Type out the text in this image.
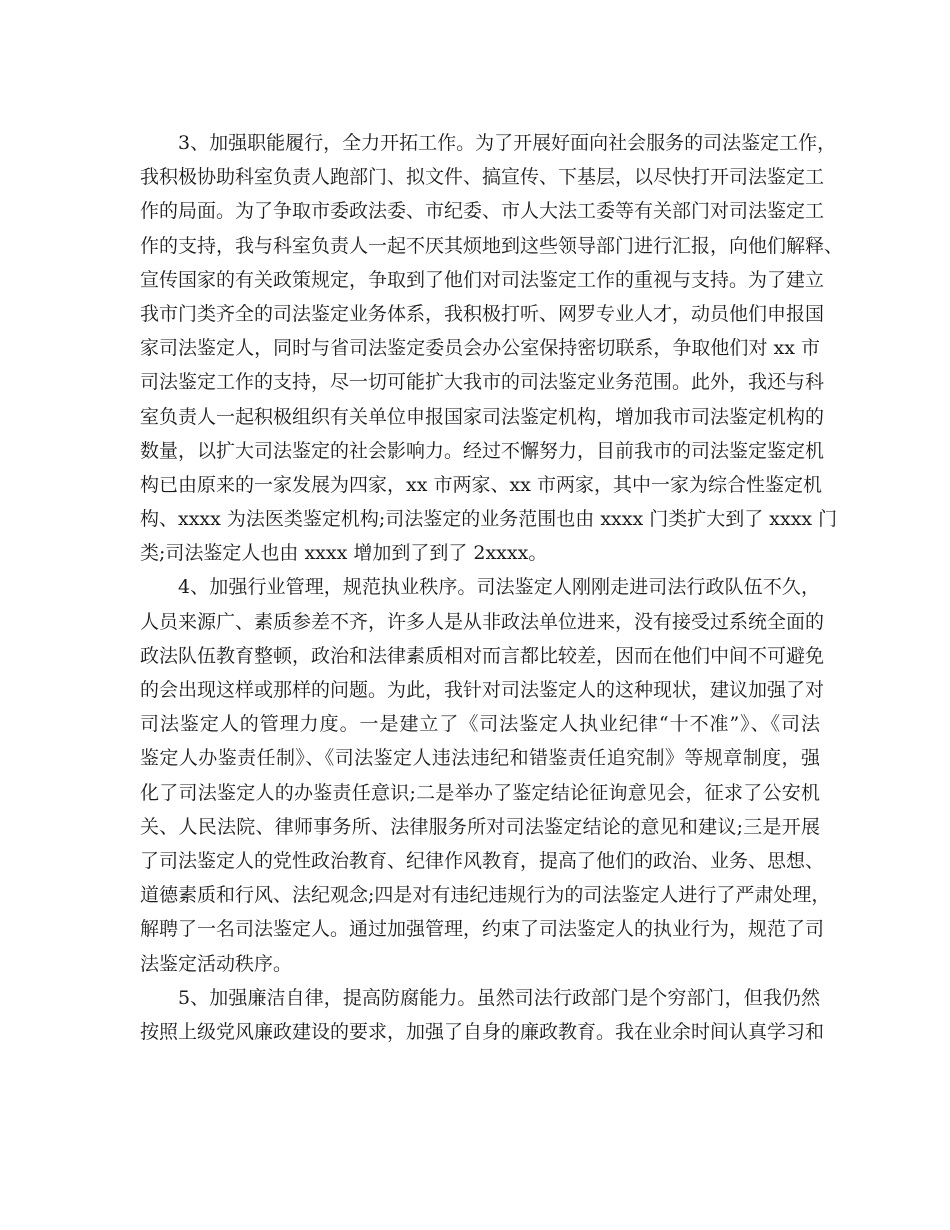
3、加强职能履行，全力开拓工作。为了开展好面向社会服务的司法鉴定工作，
我积极协助科室负责人跑部门、拟文件、搞宣传、下基层，以尽快打开司法鉴定工
作的局面。为了争取市委政法委、市纪委、市人大法工委等有关部门对司法鉴定工
作的支持，我与科室负责人一起不厌其烦地到这些领导部门进行汇报，向他们解释、
宣传国家的有关政策规定，争取到了他们对司法鉴定工作的重视与支持。为了建立
我市门类齐全的司法鉴定业务体系，我积极打听、网罗专业人才，动员他们申报国
家司法鉴定人，同时与省司法鉴定委员会办公室保持密切联系，争取他们对 xx 市
司法鉴定工作的支持，尽一切可能扩大我市的司法鉴定业务范围。此外，我还与科
室负责人一起积极组织有关单位申报国家司法鉴定机构，增加我市司法鉴定机构的
数量，以扩大司法鉴定的社会影响力。经过不懈努力，目前我市的司法鉴定鉴定机
构已由原来的一家发展为四家，xx 市两家、xx 市两家，其中一家为综合性鉴定机
构、xxxx 为法医类鉴定机构;司法鉴定的业务范围也由 xxxx 门类扩大到了 xxxx 门
类;司法鉴定人也由 xxxx 增加到了到了 2xxxx。
4、加强行业管理，规范执业秩序。司法鉴定人刚刚走进司法行政队伍不久，
人员来源广、素质参差不齐，许多人是从非政法单位进来，没有接受过系统全面的
政法队伍教育整顿，政治和法律素质相对而言都比较差，因而在他们中间不可避免
的会出现这样或那样的问题。为此，我针对司法鉴定人的这种现状，建议加强了对
司法鉴定人的管理力度。一是建立了《司法鉴定人执业纪律“十不准”》、《司法
鉴定人办鉴责任制》、《司法鉴定人违法违纪和错鉴责任追究制》等规章制度，强
化了司法鉴定人的办鉴责任意识;二是举办了鉴定结论征询意见会，征求了公安机
关、人民法院、律师事务所、法律服务所对司法鉴定结论的意见和建议;三是开展
了司法鉴定人的党性政治教育、纪律作风教育，提高了他们的政治、业务、思想、
道德素质和行风、法纪观念;四是对有违纪违规行为的司法鉴定人进行了严肃处理，
解聘了一名司法鉴定人。通过加强管理，约束了司法鉴定人的执业行为，规范了司
法鉴定活动秩序。
5、加强廉洁自律，提高防腐能力。虽然司法行政部门是个穷部门，但我仍然
按照上级党风廉政建设的要求，加强了自身的廉政教育。我在业余时间认真学习和
